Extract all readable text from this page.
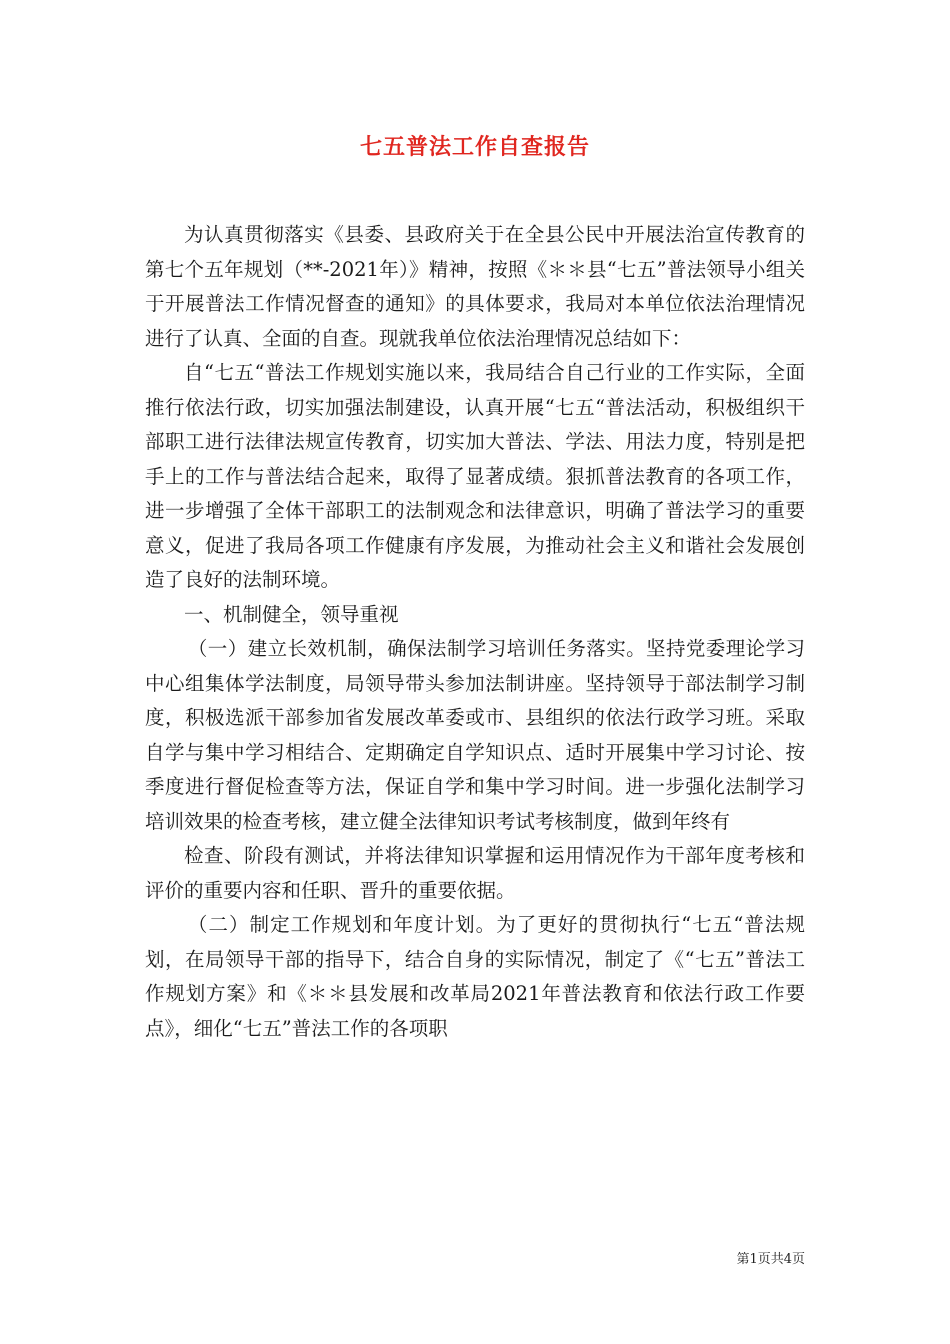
七五普法工作自查报告

为认真贯彻落实《县委、县政府关于在全县公民中开展法治宣传教育的第七个五年规划（**-2021年）》精神，按照《＊＊县“七五”普法领导小组关于开展普法工作情况督查的通知》的具体要求，我局对本单位依法治理情况进行了认真、全面的自查。现就我单位依法治理情况总结如下：

自“七五“普法工作规划实施以来，我局结合自己行业的工作实际，全面推行依法行政，切实加强法制建设，认真开展“七五“普法活动，积极组织干部职工进行法律法规宣传教育，切实加大普法、学法、用法力度，特别是把手上的工作与普法结合起来，取得了显著成绩。狠抓普法教育的各项工作，进一步增强了全体干部职工的法制观念和法律意识，明确了普法学习的重要意义，促进了我局各项工作健康有序发展，为推动社会主义和谐社会发展创造了良好的法制环境。

一、机制健全，领导重视

（一）建立长效机制，确保法制学习培训任务落实。坚持党委理论学习中心组集体学法制度，局领导带头参加法制讲座。坚持领导于部法制学习制度，积极选派干部参加省发展改革委或市、县组织的依法行政学习班。采取自学与集中学习相结合、定期确定自学知识点、适时开展集中学习讨论、按季度进行督促检查等方法，保证自学和集中学习时间。进一步强化法制学习培训效果的检查考核，建立健全法律知识考试考核制度，做到年终有

检查、阶段有测试，并将法律知识掌握和运用情况作为干部年度考核和评价的重要内容和任职、晋升的重要依据。

（二）制定工作规划和年度计划。为了更好的贯彻执行“七五“普法规划，在局领导干部的指导下，结合自身的实际情况，制定了《“七五”普法工作规划方案》和《＊＊县发展和改革局2021年普法教育和依法行政工作要点》，细化“七五”普法工作的各项职

第1页共4页
